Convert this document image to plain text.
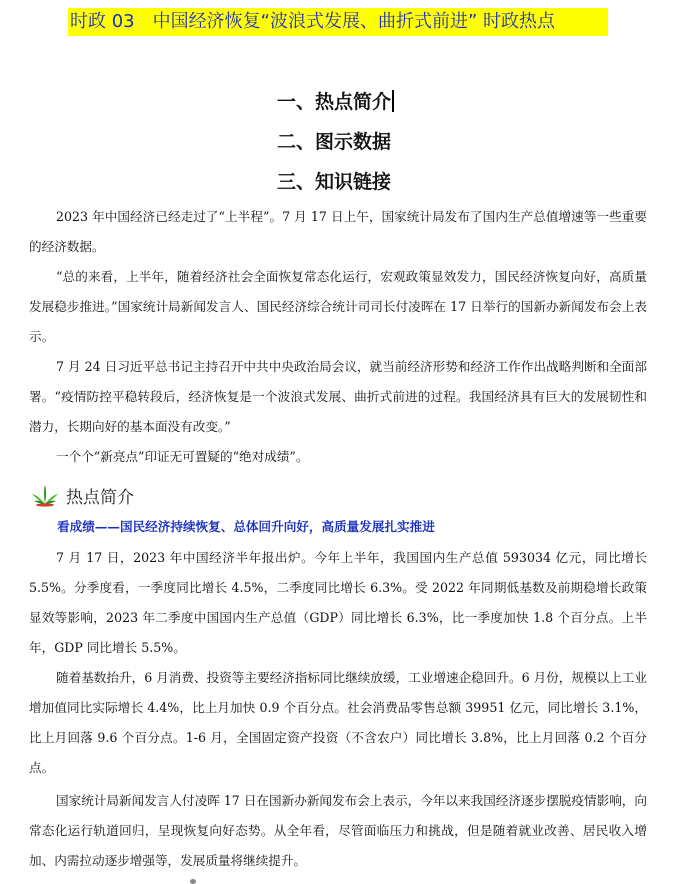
时政 03　中国经济恢复“波浪式发展、曲折式前进” 时政热点
一、热点简介
二、图示数据
三、知识链接

2023 年中国经济已经走过了“上半程”。7 月 17 日上午，国家统计局发布了国内生产总值增速等一些重要的经济数据。

“总的来看，上半年，随着经济社会全面恢复常态化运行，宏观政策显效发力，国民经济恢复向好，高质量发展稳步推进。”国家统计局新闻发言人、国民经济综合统计司司长付凌晖在 17 日举行的国新办新闻发布会上表示。

7 月 24 日习近平总书记主持召开中共中央政治局会议，就当前经济形势和经济工作作出战略判断和全面部署。“疫情防控平稳转段后，经济恢复是一个波浪式发展、曲折式前进的过程。我国经济具有巨大的发展韧性和潜力，长期向好的基本面没有改变。”

一个个“新亮点”印证无可置疑的“绝对成绩”。

热点简介
看成绩——国民经济持续恢复、总体回升向好，高质量发展扎实推进

7 月 17 日，2023 年中国经济半年报出炉。今年上半年，我国国内生产总值 593034 亿元，同比增长 5.5%。分季度看，一季度同比增长 4.5%，二季度同比增长 6.3%。受 2022 年同期低基数及前期稳增长政策显效等影响，2023 年二季度中国国内生产总值（GDP）同比增长 6.3%，比一季度加快 1.8 个百分点。上半年，GDP 同比增长 5.5%。

随着基数抬升，6 月消费、投资等主要经济指标同比继续放缓，工业增速企稳回升。6 月份，规模以上工业增加值同比实际增长 4.4%，比上月加快 0.9 个百分点。社会消费品零售总额 39951 亿元，同比增长 3.1%，比上月回落 9.6 个百分点。1-6 月，全国固定资产投资（不含农户）同比增长 3.8%，比上月回落 0.2 个百分点。

国家统计局新闻发言人付凌晖 17 日在国新办新闻发布会上表示，今年以来我国经济逐步摆脱疫情影响，向常态化运行轨道回归，呈现恢复向好态势。从全年看，尽管面临压力和挑战，但是随着就业改善、居民收入增加、内需拉动逐步增强等，发展质量将继续提升。
